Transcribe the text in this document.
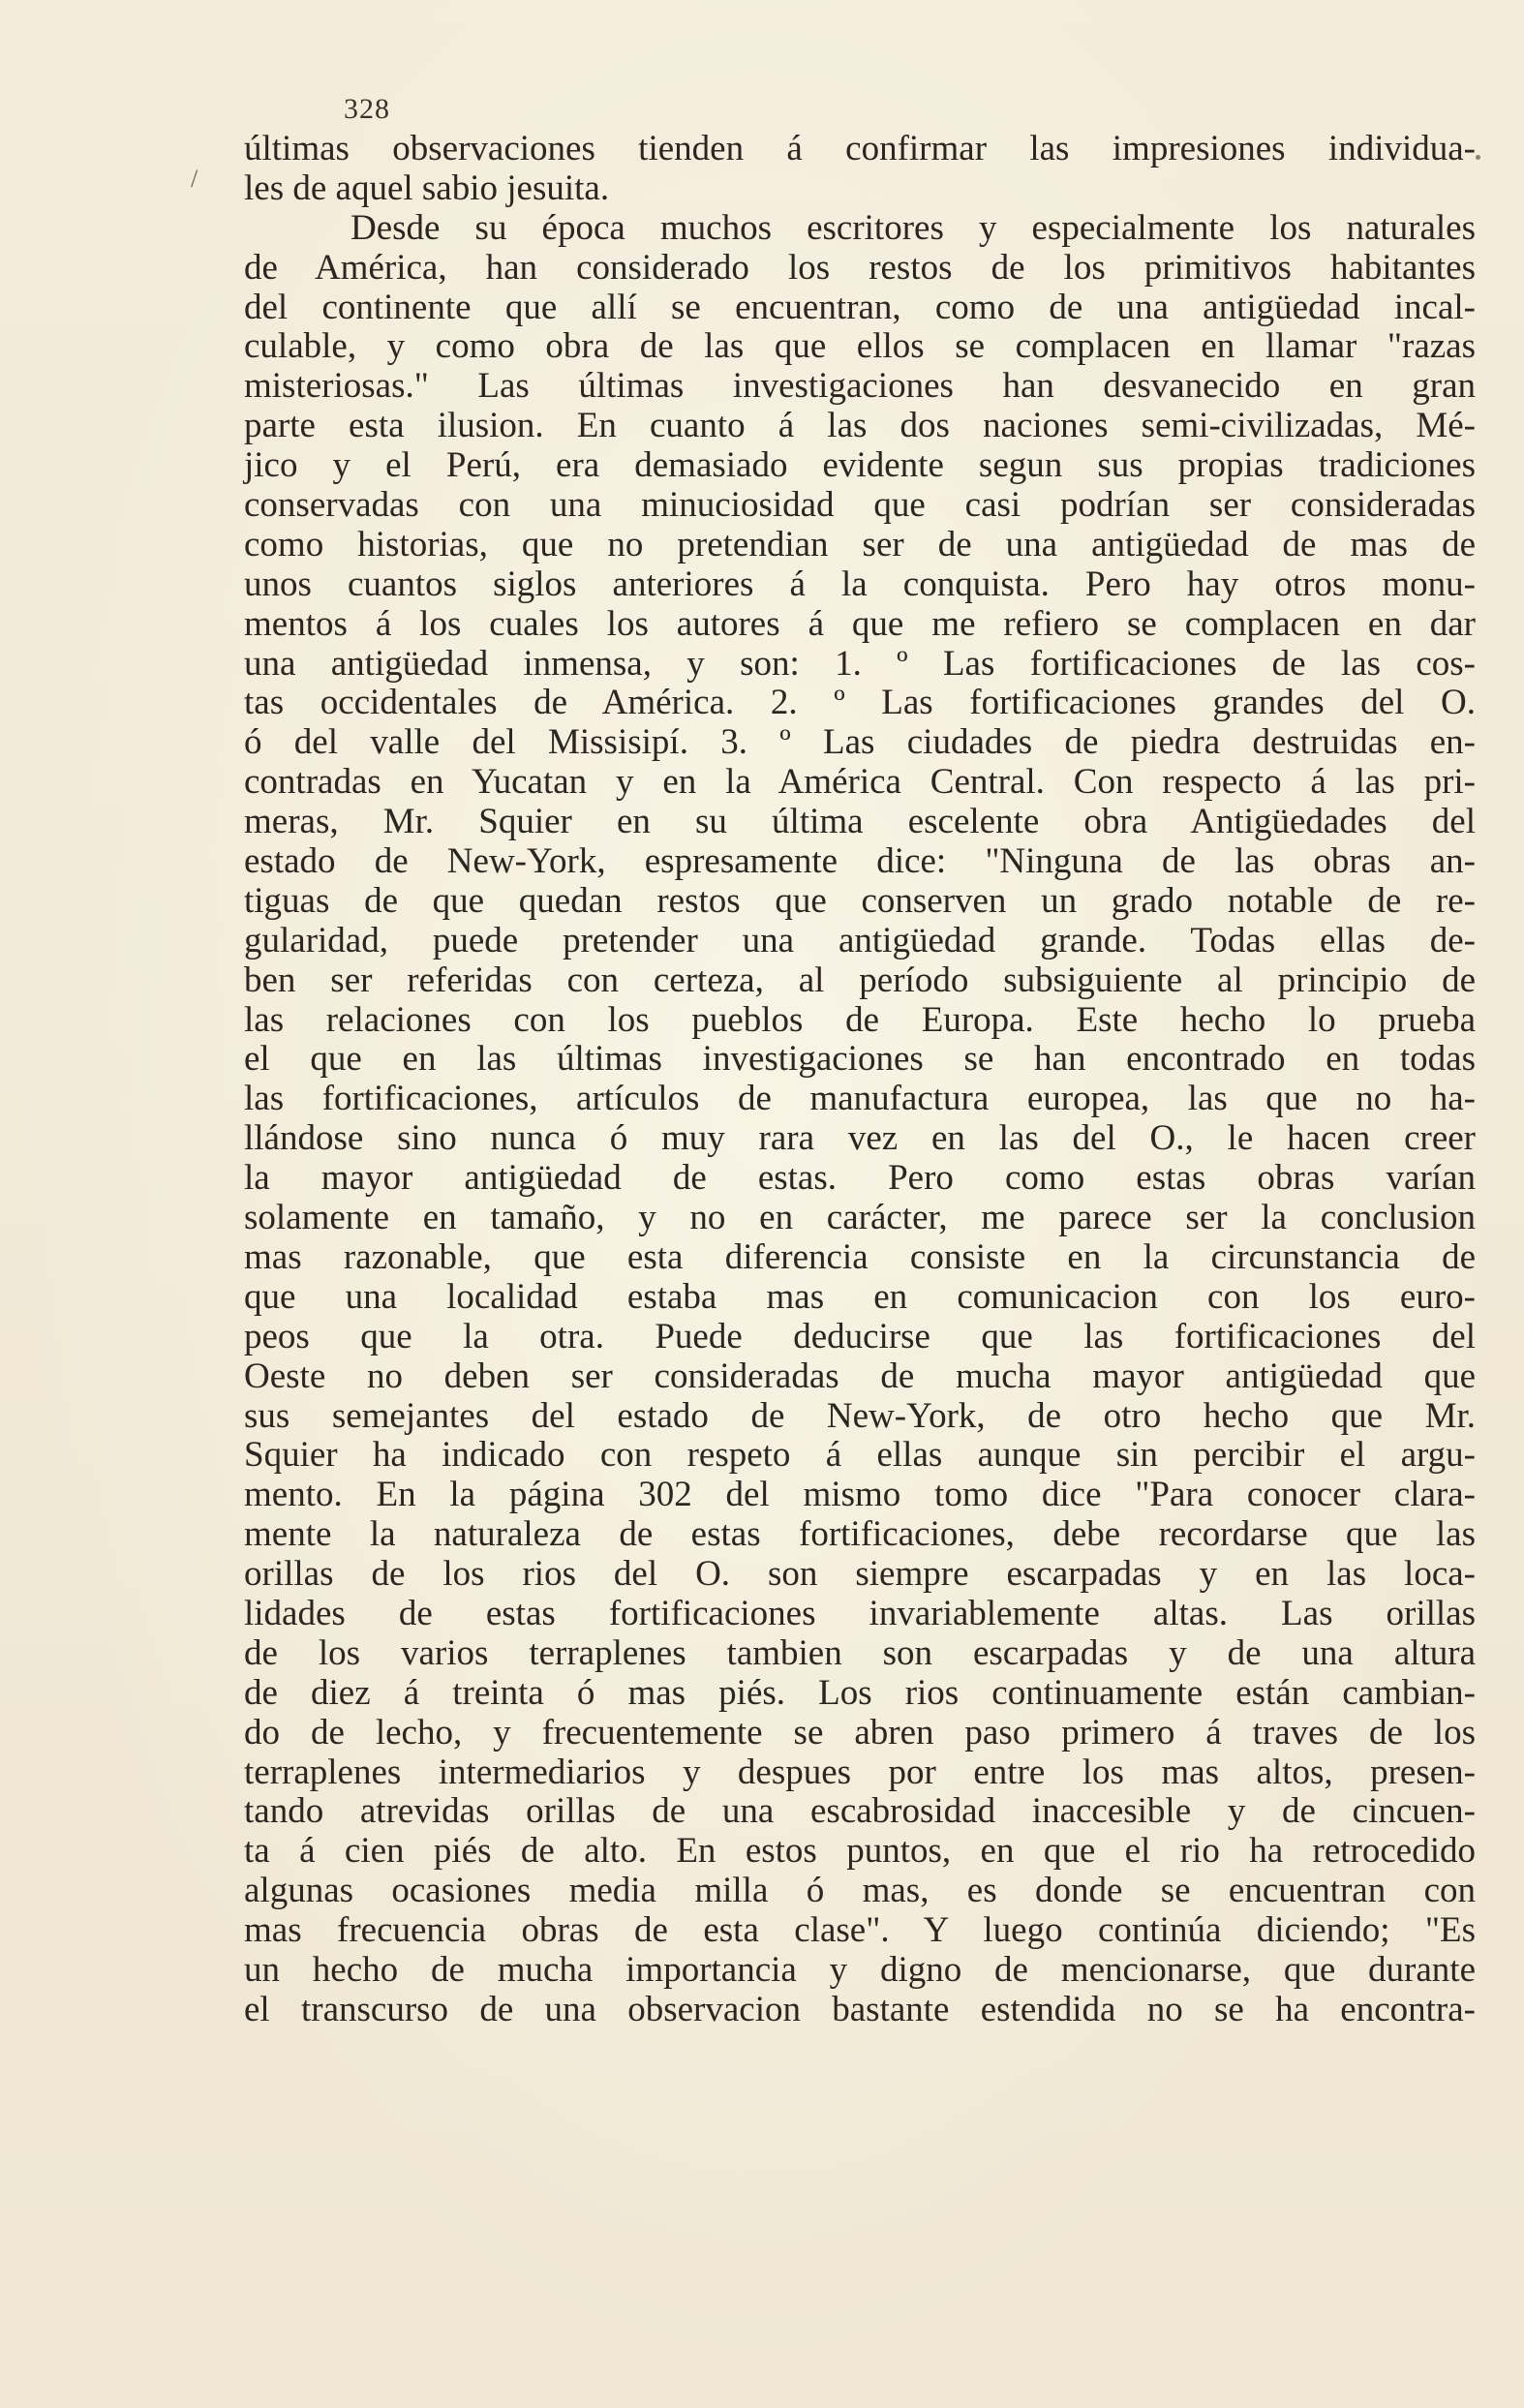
328
/
últimas observaciones tienden á confirmar las impresiones individua-
les de aquel sabio jesuita.
Desde su época muchos escritores y especialmente los naturales
de América, han considerado los restos de los primitivos habitantes
del continente que allí se encuentran, como de una antigüedad incal-
culable, y como obra de las que ellos se complacen en llamar "razas
misteriosas." Las últimas investigaciones han desvanecido en gran
parte esta ilusion. En cuanto á las dos naciones semi-civilizadas, Mé-
jico y el Perú, era demasiado evidente segun sus propias tradiciones
conservadas con una minuciosidad que casi podrían ser consideradas
como historias, que no pretendian ser de una antigüedad de mas de
unos cuantos siglos anteriores á la conquista. Pero hay otros monu-
mentos á los cuales los autores á que me refiero se complacen en dar
una antigüedad inmensa, y son: 1. º Las fortificaciones de las cos-
tas occidentales de América. 2. º Las fortificaciones grandes del O.
ó del valle del Missisipí. 3. º Las ciudades de piedra destruidas en-
contradas en Yucatan y en la América Central. Con respecto á las pri-
meras, Mr. Squier en su última escelente obra Antigüedades del
estado de New-York, espresamente dice: "Ninguna de las obras an-
tiguas de que quedan restos que conserven un grado notable de re-
gularidad, puede pretender una antigüedad grande. Todas ellas de-
ben ser referidas con certeza, al período subsiguiente al principio de
las relaciones con los pueblos de Europa. Este hecho lo prueba
el que en las últimas investigaciones se han encontrado en todas
las fortificaciones, artículos de manufactura europea, las que no ha-
llándose sino nunca ó muy rara vez en las del O., le hacen creer
la mayor antigüedad de estas. Pero como estas obras varían
solamente en tamaño, y no en carácter, me parece ser la conclusion
mas razonable, que esta diferencia consiste en la circunstancia de
que una localidad estaba mas en comunicacion con los euro-
peos que la otra. Puede deducirse que las fortificaciones del
Oeste no deben ser consideradas de mucha mayor antigüedad que
sus semejantes del estado de New-York, de otro hecho que Mr.
Squier ha indicado con respeto á ellas aunque sin percibir el argu-
mento. En la página 302 del mismo tomo dice "Para conocer clara-
mente la naturaleza de estas fortificaciones, debe recordarse que las
orillas de los rios del O. son siempre escarpadas y en las loca-
lidades de estas fortificaciones invariablemente altas. Las orillas
de los varios terraplenes tambien son escarpadas y de una altura
de diez á treinta ó mas piés. Los rios continuamente están cambian-
do de lecho, y frecuentemente se abren paso primero á traves de los
terraplenes intermediarios y despues por entre los mas altos, presen-
tando atrevidas orillas de una escabrosidad inaccesible y de cincuen-
ta á cien piés de alto. En estos puntos, en que el rio ha retrocedido
algunas ocasiones media milla ó mas, es donde se encuentran con
mas frecuencia obras de esta clase". Y luego continúa diciendo; "Es
un hecho de mucha importancia y digno de mencionarse, que durante
el transcurso de una observacion bastante estendida no se ha encontra-
